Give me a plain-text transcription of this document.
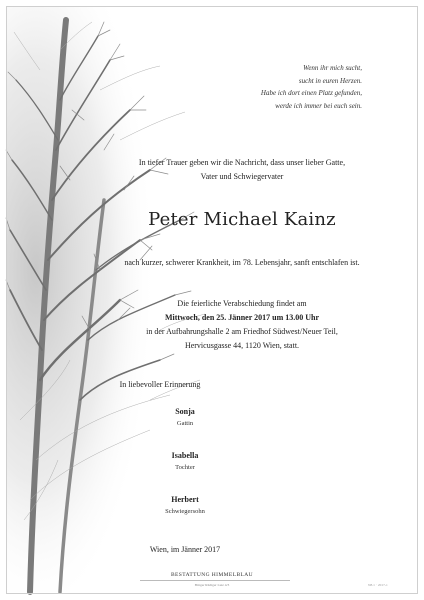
Wenn ihr mich sucht,
sucht in euren Herzen.
Habe ich dort einen Platz gefunden,
werde ich immer bei euch sein.
In tiefer Trauer geben wir die Nachricht, dass unser lieber Gatte,
Vater und Schwiegervater
Peter Michael Kainz
nach kurzer, schwerer Krankheit, im 78. Lebensjahr, sanft entschlafen ist.
Die feierliche Verabschiedung findet am
Mittwoch, den 25. Jänner 2017 um 13.00 Uhr
in der Aufbahrungshalle 2 am Friedhof Südwest/Neuer Teil,
Hervicusgasse 44, 1120 Wien, statt.
In liebevoller Erinnerung
Sonja
Gattin
Isabella
Tochter
Herbert
Schwiegersohn
Wien, im Jänner 2017
BESTATTUNG HIMMELBLAU
Bürger Rüdiger Lutz 4/3	N8.1 · 2017-1
